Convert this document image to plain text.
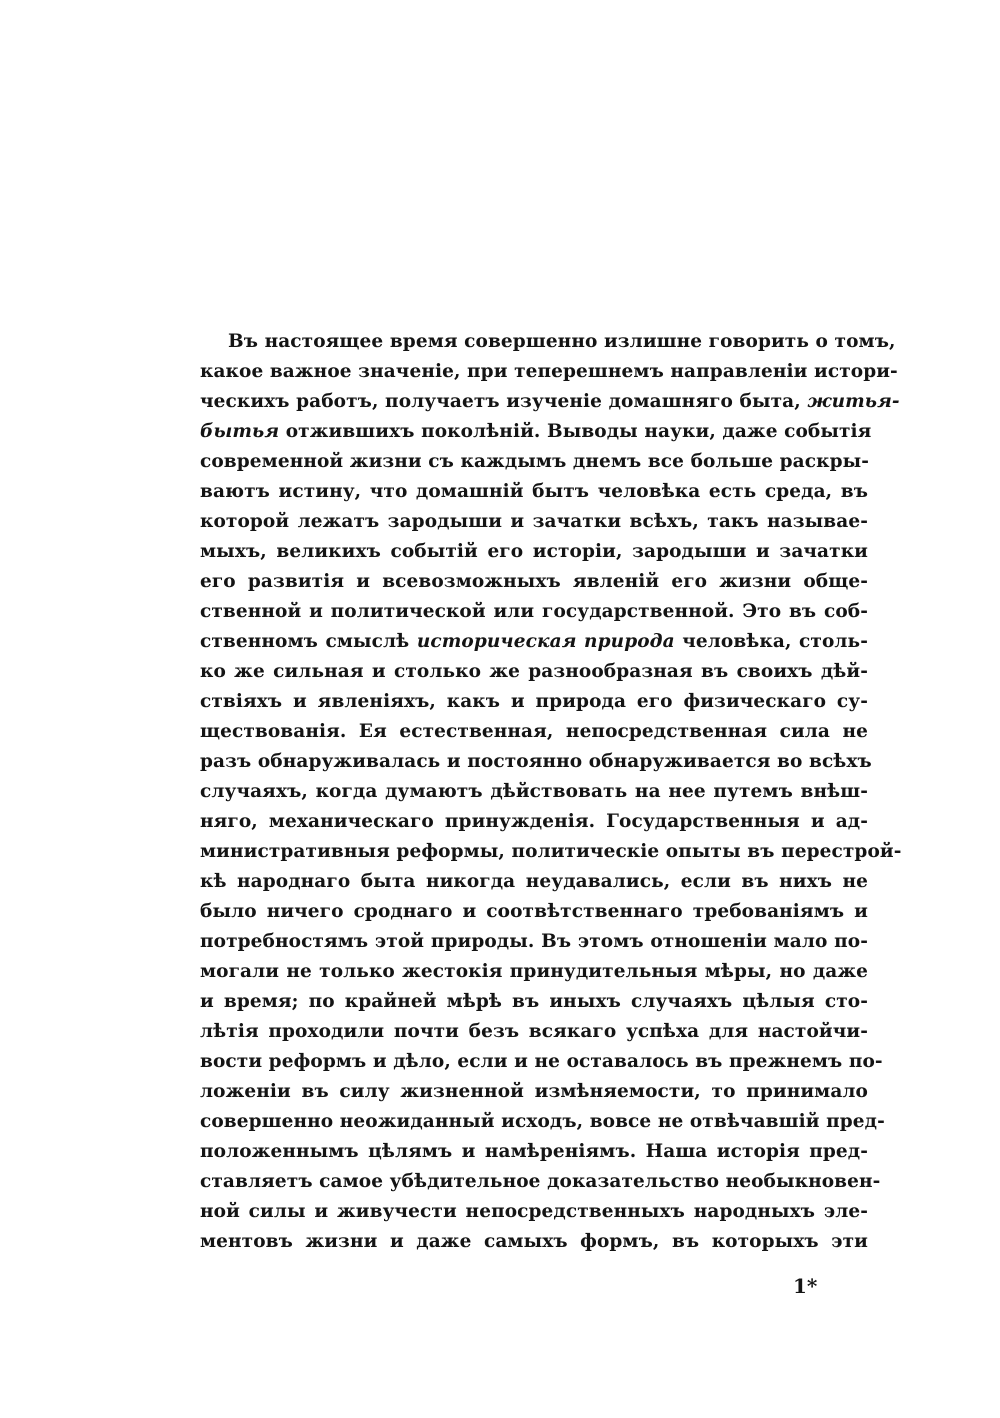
Въ настоящее время совершенно излишне говорить о томъ,
какое важное значенiе, при теперешнемъ направленiи истори-
ческихъ работъ, получаетъ изученiе домашняго быта, житья-
бытья отжившихъ поколѣнiй. Выводы науки, даже событiя
современной жизни съ каждымъ днемъ все больше раскры-
ваютъ истину, что домашнiй бытъ человѣка есть среда, въ
которой лежатъ зародыши и зачатки всѣхъ, такъ называе-
мыхъ, великихъ событiй его исторiи, зародыши и зачатки
его развитiя и всевозможныхъ явленiй его жизни обще-
ственной и политической или государственной. Это въ соб-
ственномъ смыслѣ историческая природа человѣка, столь-
ко же сильная и столько же разнообразная въ своихъ дѣй-
ствiяхъ и явленiяхъ, какъ и природа его физическаго су-
ществованiя. Ея естественная, непосредственная сила не
разъ обнаруживалась и постоянно обнаруживается во всѣхъ
случаяхъ, когда думаютъ дѣйствовать на нее путемъ внѣш-
няго, механическаго принужденiя. Государственныя и ад-
министративныя реформы, политическiе опыты въ перестрой-
кѣ народнаго быта никогда неудавались, если въ нихъ не
было ничего сроднаго и соотвѣтственнаго требованiямъ и
потребностямъ этой природы. Въ этомъ отношенiи мало по-
могали не только жестокiя принудительныя мѣры, но даже
и время; по крайней мѣрѣ въ иныхъ случаяхъ цѣлыя сто-
лѣтiя проходили почти безъ всякаго успѣха для настойчи-
вости реформъ и дѣло, если и не оставалось въ прежнемъ по-
ложенiи въ силу жизненной измѣняемости, то принимало
совершенно неожиданный исходъ, вовсе не отвѣчавшiй пред-
положеннымъ цѣлямъ и намѣренiямъ. Наша исторiя пред-
ставляетъ самое убѣдительное доказательство необыкновен-
ной силы и живучести непосредственныхъ народныхъ эле-
ментовъ жизни и даже самыхъ формъ, въ которыхъ эти
1*
